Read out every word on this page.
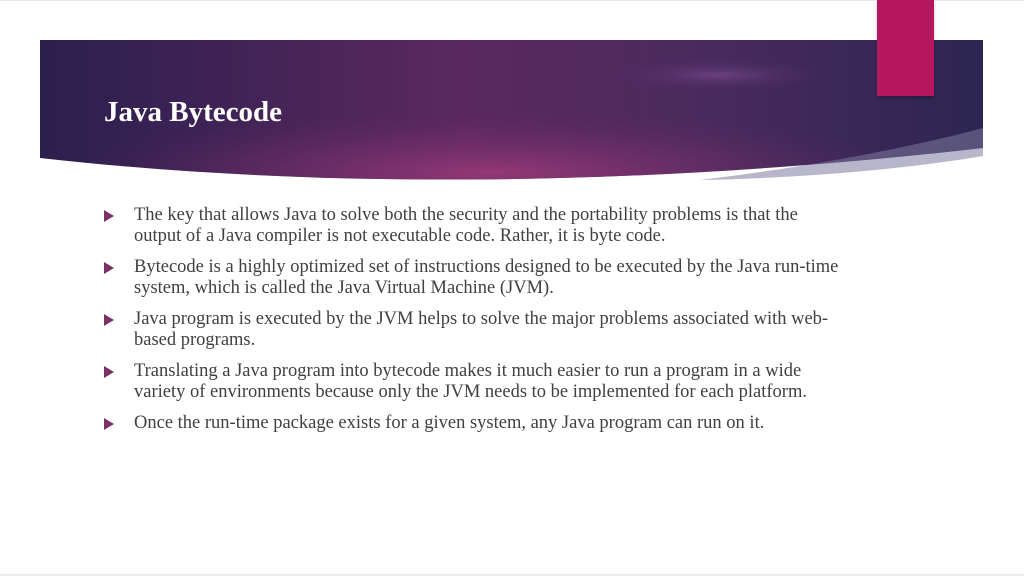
Java Bytecode
The key that allows Java to solve both the security and the portability problems is that the output of a Java compiler is not executable code. Rather, it is byte code.
Bytecode is a highly optimized set of instructions designed to be executed by the Java run-time system, which is called the Java Virtual Machine (JVM).
Java program is executed by the JVM helps to solve the major problems associated with web-based programs.
Translating a Java program into bytecode makes it much easier to run a program in a wide variety of environments because only the JVM needs to be implemented for each platform.
Once the run-time package exists for a given system, any Java program can run on it.
